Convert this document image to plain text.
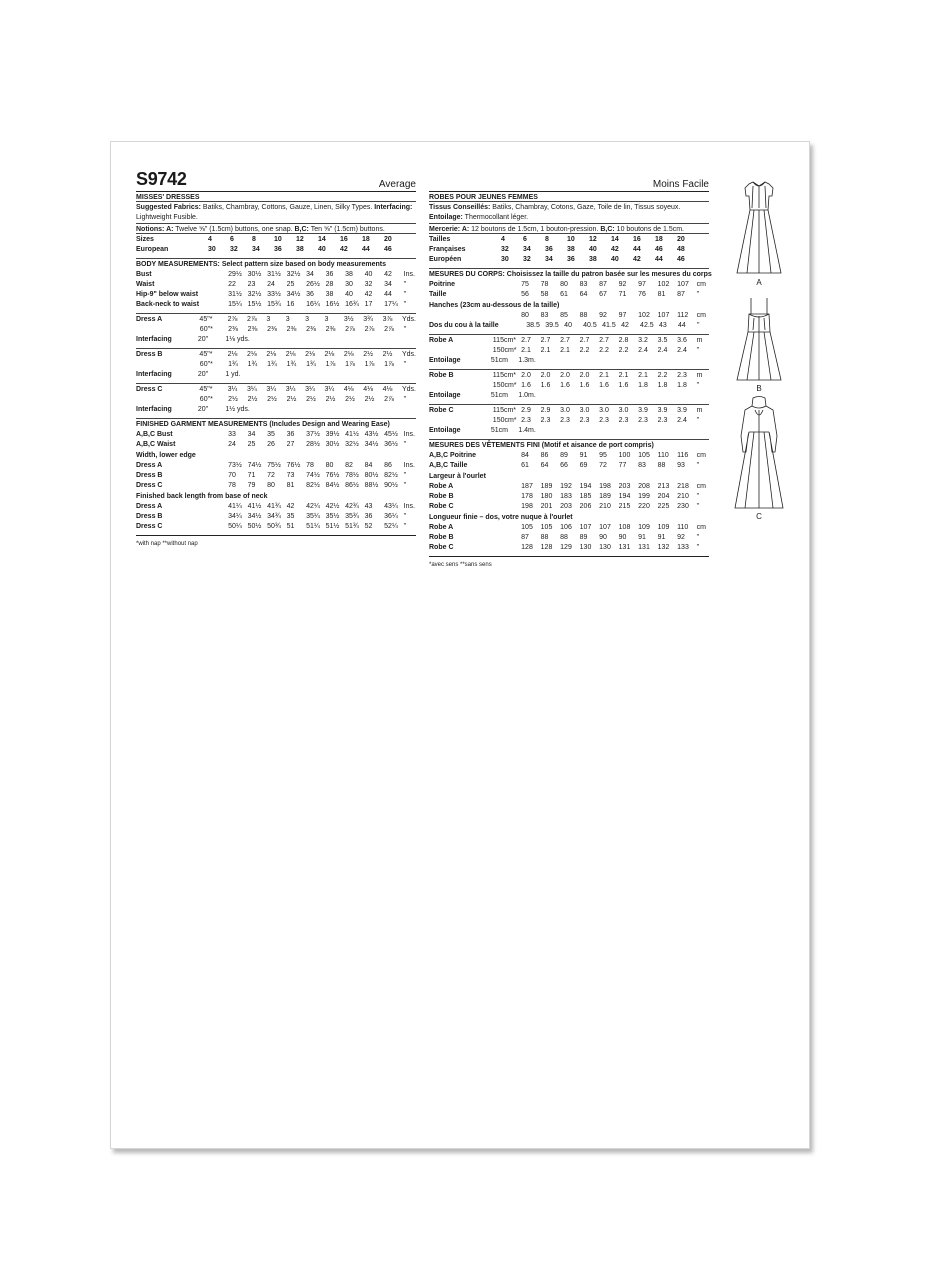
S9742	Average
MISSES' DRESSES
Suggested Fabrics: Batiks, Chambray, Cottons, Gauze, Linen, Silky Types. Interfacing: Lightweight Fusible.
Notions: A: Twelve ⅝" (1.5cm) buttons, one snap. B,C: Ten ⅝" (1.5cm) buttons.
Sizes	4	6	8	10	12	14	16	18	20
European	30	32	34	36	38	40	42	44	46
BODY MEASUREMENTS: Select pattern size based on body measurements
Bust	29½ 30½ 31½ 32½ 34	36	38	40	42	Ins.
Waist	22	23	24	25	26½ 28	30	32	34	"
Hip-9" below waist	31½ 32½ 33½ 34½ 36	38	40	42	44	"
Back-neck to waist	15¼ 15½ 15¾ 16	16¼ 16½ 16¾ 17	17¼ "
Dress A	45"*	2⅞	2⅞	3	3	3	3	3½	3¾	3⅞	Yds.
60"*	2⅜	2⅜	2⅜	2⅜	2⅜	2⅜	2⅞	2⅞	2⅞	"
Interfacing	20"	1⅛ yds.
Dress B	45"*	2⅛	2⅛	2⅛	2⅛	2⅛	2⅛	2⅛	2½	2½	Yds.
60"*	1¾	1¾	1¾	1¾	1¾	1⅞	1⅞	1⅞	1⅞	"
Interfacing	20"	1 yd.
Dress C	45"*	3¼	3¼	3¼	3¼	3¼	3¼	4⅛	4⅛	4⅛	Yds.
60"*	2½	2½	2½	2½	2½	2½	2½	2½	2⅞	"
Interfacing	20"	1½ yds.
FINISHED GARMENT MEASUREMENTS (Includes Design and Wearing Ease)
A,B,C Bust	33	34	35	36	37½ 39½ 41½ 43½ 45½ Ins.
A,B,C Waist	24	25	26	27	28½ 30½ 32½ 34½ 36½ "
Width, lower edge
Dress A	73½ 74½ 75½ 76½ 78	80	82	84	86	Ins.
Dress B	70	71	72	73	74½ 76½ 78½ 80½ 82½ "
Dress C	78	79	80	81	82½ 84½ 86½ 88½ 90½ "
Finished back length from base of neck
Dress A	41¼ 41½ 41¾ 42	42¼ 42½ 42¾ 43	43¼ Ins.
Dress B	34¼ 34½ 34¾ 35	35¼ 35½ 35¾ 36	36¼ "
Dress C	50¼ 50½ 50¾ 51	51¼ 51½ 51¾ 52	52¼ "
*with nap **without nap
Moins Facile
ROBES POUR JEUNES FEMMES
Tissus Conseillés: Batiks, Chambray, Cotons, Gaze, Toile de lin, Tissus soyeux. Entoilage: Thermocollant léger.
Mercerie: A: 12 boutons de 1.5cm, 1 bouton-pression. B,C: 10 boutons de 1.5cm.
Tailles	4	6	8	10	12	14	16	18	20
Françaises	32	34	36	38	40	42	44	46	48
Européen	30	32	34	36	38	40	42	44	46
MESURES DU CORPS: Choisissez la taille du patron basée sur les mesures du corps
Poitrine	75	78	80	83	87	92	97	102	107	cm
Taille	56	58	61	64	67	71	76	81	87	"
Hanches (23cm au-dessous de la taille)
80	83	85	88	92	97	102	107	112	cm
Dos du cou à la taille	38.5 39.5 40	40.5 41.5 42	42.5 43	44	"
Robe A	115cm* 2.7	2.7	2.7	2.7	2.7	2.8	3.2	3.5	3.6	m
150cm* 2.1	2.1	2.1	2.2	2.2	2.2	2.4	2.4	2.4	"
Entoilage	51cm	1.3m.
Robe B	115cm* 2.0	2.0	2.0	2.0	2.1	2.1	2.1	2.2	2.3	m
150cm* 1.6	1.6	1.6	1.6	1.6	1.6	1.8	1.8	1.8	"
Entoilage	51cm	1.0m.
Robe C	115cm* 2.9	2.9	3.0	3.0	3.0	3.0	3.9	3.9	3.9	m
150cm* 2.3	2.3	2.3	2.3	2.3	2.3	2.3	2.3	2.4	"
Entoilage	51cm	1.4m.
MESURES DES VÊTEMENTS FINI (Motif et aisance de port compris)
A,B,C Poitrine	84	86	89	91	95	100	105	110	116	cm
A,B,C Taille	61	64	66	69	72	77	83	88	93	"
Largeur à l'ourlet
Robe A	187	189	192	194	198	203	208	213	218	cm
Robe B	178	180	183	185	189	194	199	204	210	"
Robe C	198	201	203	206	210	215	220	225	230	"
Longueur finie – dos, votre nuque à l'ourlet
Robe A	105	105	106	107	107	108	109	109	110	cm
Robe B	87	88	88	89	90	90	91	91	92	"
Robe C	128	128	129	130	130	131	131	132	133	"
*avec sens **sans sens
A
B
C
